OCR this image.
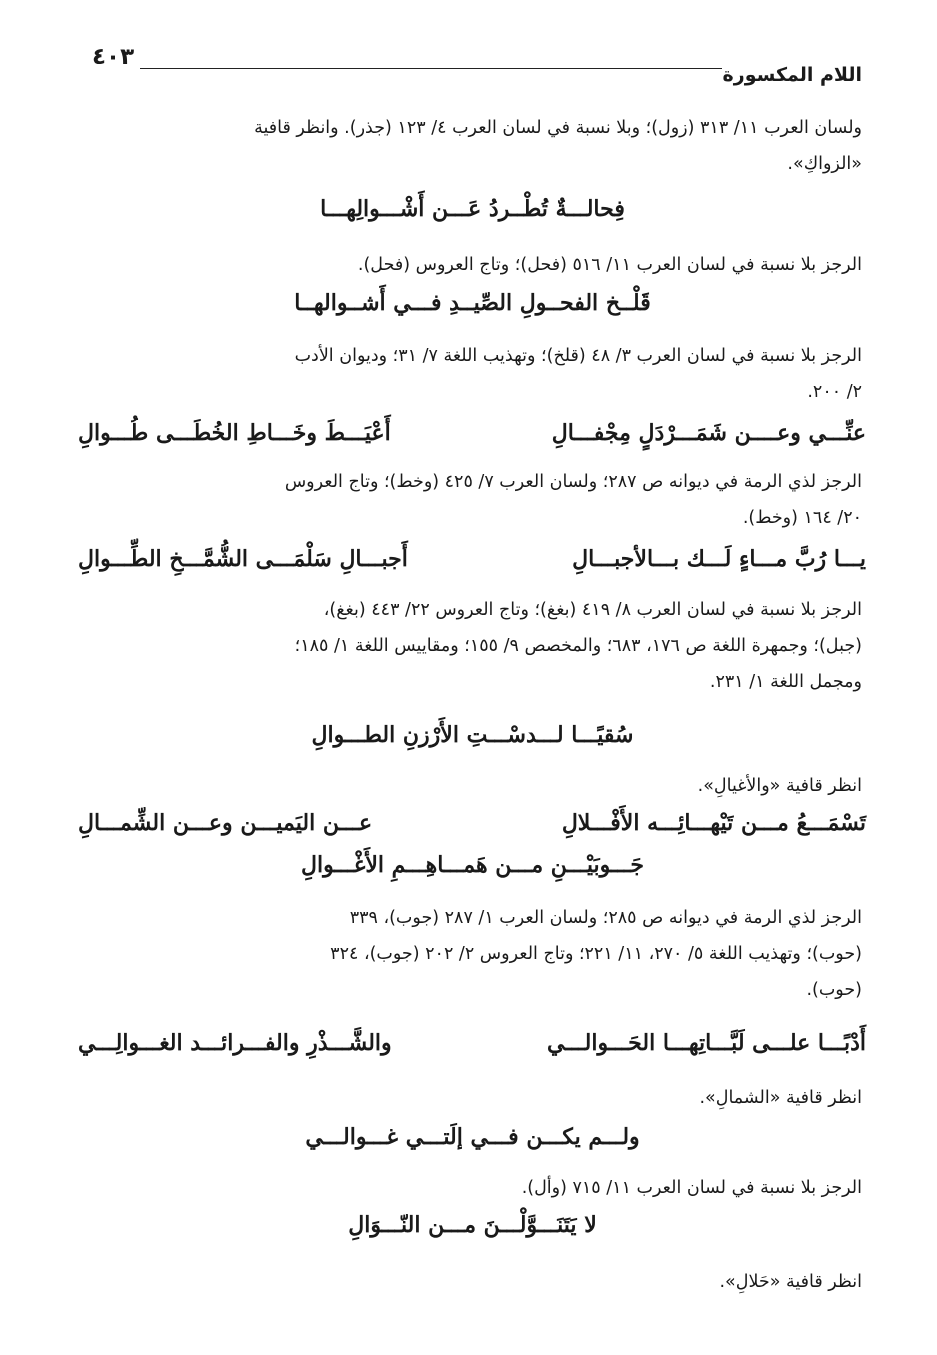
اللام المكسورة
٤٠٣
ولسان العرب ١١/ ٣١٣ (زول)؛ وبلا نسبة في لسان العرب ٤/ ١٢٣ (جذر). وانظر قافية
«الزواكِ».
فِحالـــةٌ تُطْــردُ عَـــن أَشْـــوالِهـــا
الرجز بلا نسبة في لسان العرب ١١/ ٥١٦ (فحل)؛ وتاج العروس (فحل).
قَلْــخ الفحــولِ الصِّيــدِ فـــي أَشــوالهــا
الرجز بلا نسبة في لسان العرب ٣/ ٤٨ (قلخ)؛ وتهذيب اللغة ٧/ ٣١؛ وديوان الأدب
٢/ ٢٠٠.
عنِّـــي وعــــن شَمَـــرْدَلٍ مِجْفـــالِ
أَعْيَـــطَ وخَـــاطِ الخُطَـــى طُـــوالِ
الرجز لذي الرمة في ديوانه ص ٢٨٧؛ ولسان العرب ٧/ ٤٢٥ (وخط)؛ وتاج العروس
٢٠/ ١٦٤ (وخط).
يـــا رُبَّ مـــاءٍ لَـــك بـــالأجبـــالِ
أَجبـــالِ سَلْمَـــى الشُّمَّـــخِ الطِّـــوالِ
الرجز بلا نسبة في لسان العرب ٨/ ٤١٩ (بغغ)؛ وتاج العروس ٢٢/ ٤٤٣ (بغغ)،
(جبل)؛ وجمهرة اللغة ص ١٧٦، ٦٨٣؛ والمخصص ٩/ ١٥٥؛ ومقاييس اللغة ١/ ١٨٥؛
ومجمل اللغة ١/ ٢٣١.
سُقيًـــا لـــدسْـــتِ الأَرْزنِ الطـــوالِ
انظر قافية «والأغيالِ».
تَسْمَـــعُ مـــن تَيْهـــائِـــه الأَفْـــلالِ
عـــن اليَميـــن وعـــن الشِّمـــالِ
جَـــوبَيْـــنِ مـــن هَمـــاهِـــمِ الأَغْـــوالِ
الرجز لذي الرمة في ديوانه ص ٢٨٥؛ ولسان العرب ١/ ٢٨٧ (جوب)، ٣٣٩
(حوب)؛ وتهذيب اللغة ٥/ ٢٧٠، ١١/ ٢٢١؛ وتاج العروس ٢/ ٢٠٢ (جوب)، ٣٢٤
(حوب).
أَدْبًـــا علـــى لَبَّـــاتِهـــا الحَـــوالـــي
والشَّـــذْرِ والفـــرائـــد الغـــوالِـــي
انظر قافية «الشمالِ».
ولـــم يكـــن فـــي إلَتـــي غـــوالـــي
الرجز بلا نسبة في لسان العرب ١١/ ٧١٥ (وأل).
لا يَتَنَـــوَّلْـــنَ مـــن النّـــوَالِ
انظر قافية «حَلالِ».
